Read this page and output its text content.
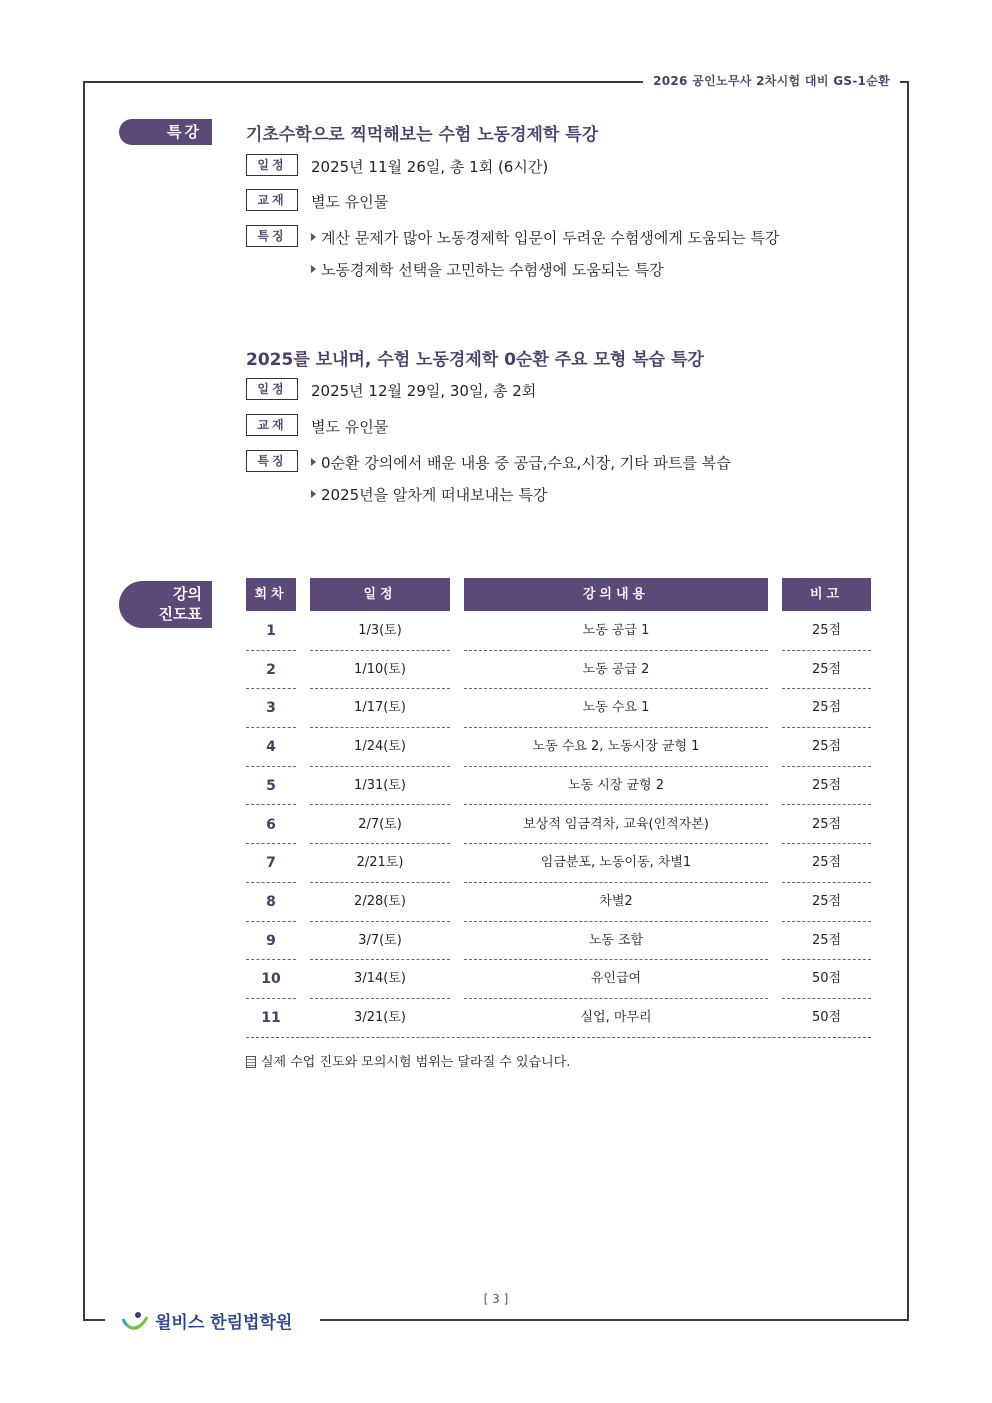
2026 공인노무사 2차시험 대비 GS-1순환
특강	기초수학으로 찍먹해보는 수험 노동경제학 특강
일정	2025년 11월 26일, 총 1회 (6시간)
교재	별도 유인물
특징	계산 문제가 많아 노동경제학 입문이 두려운 수험생에게 도움되는 특강
노동경제학 선택을 고민하는 수험생에 도움되는 특강
2025를 보내며, 수험 노동경제학 0순환 주요 모형 복습 특강
일정	2025년 12월 29일, 30일, 총 2회
교재	별도 유인물
특징	0순환 강의에서 배운 내용 중 공급,수요,시장, 기타 파트를 복습
2025년을 알차게 떠내보내는 특강
강의
진도표
회차	일정	강의내용	비고
1	1/3(토)	노동 공급 1	25점
2	1/10(토)	노동 공급 2	25점
3	1/17(토)	노동 수요 1	25점
4	1/24(토)	노동 수요 2, 노동시장 균형 1	25점
5	1/31(토)	노동 시장 균형 2	25점
6	2/7(토)	보상적 임금격차, 교육(인적자본)	25점
7	2/21토)	임금분포, 노동이동, 차별1	25점
8	2/28(토)	차별2	25점
9	3/7(토)	노동 조합	25점
10	3/14(토)	유인급여	50점
11	3/21(토)	실업, 마무리	50점
실제 수업 진도와 모의시험 범위는 달라질 수 있습니다.
[ 3 ]
윌비스 한림법학원
